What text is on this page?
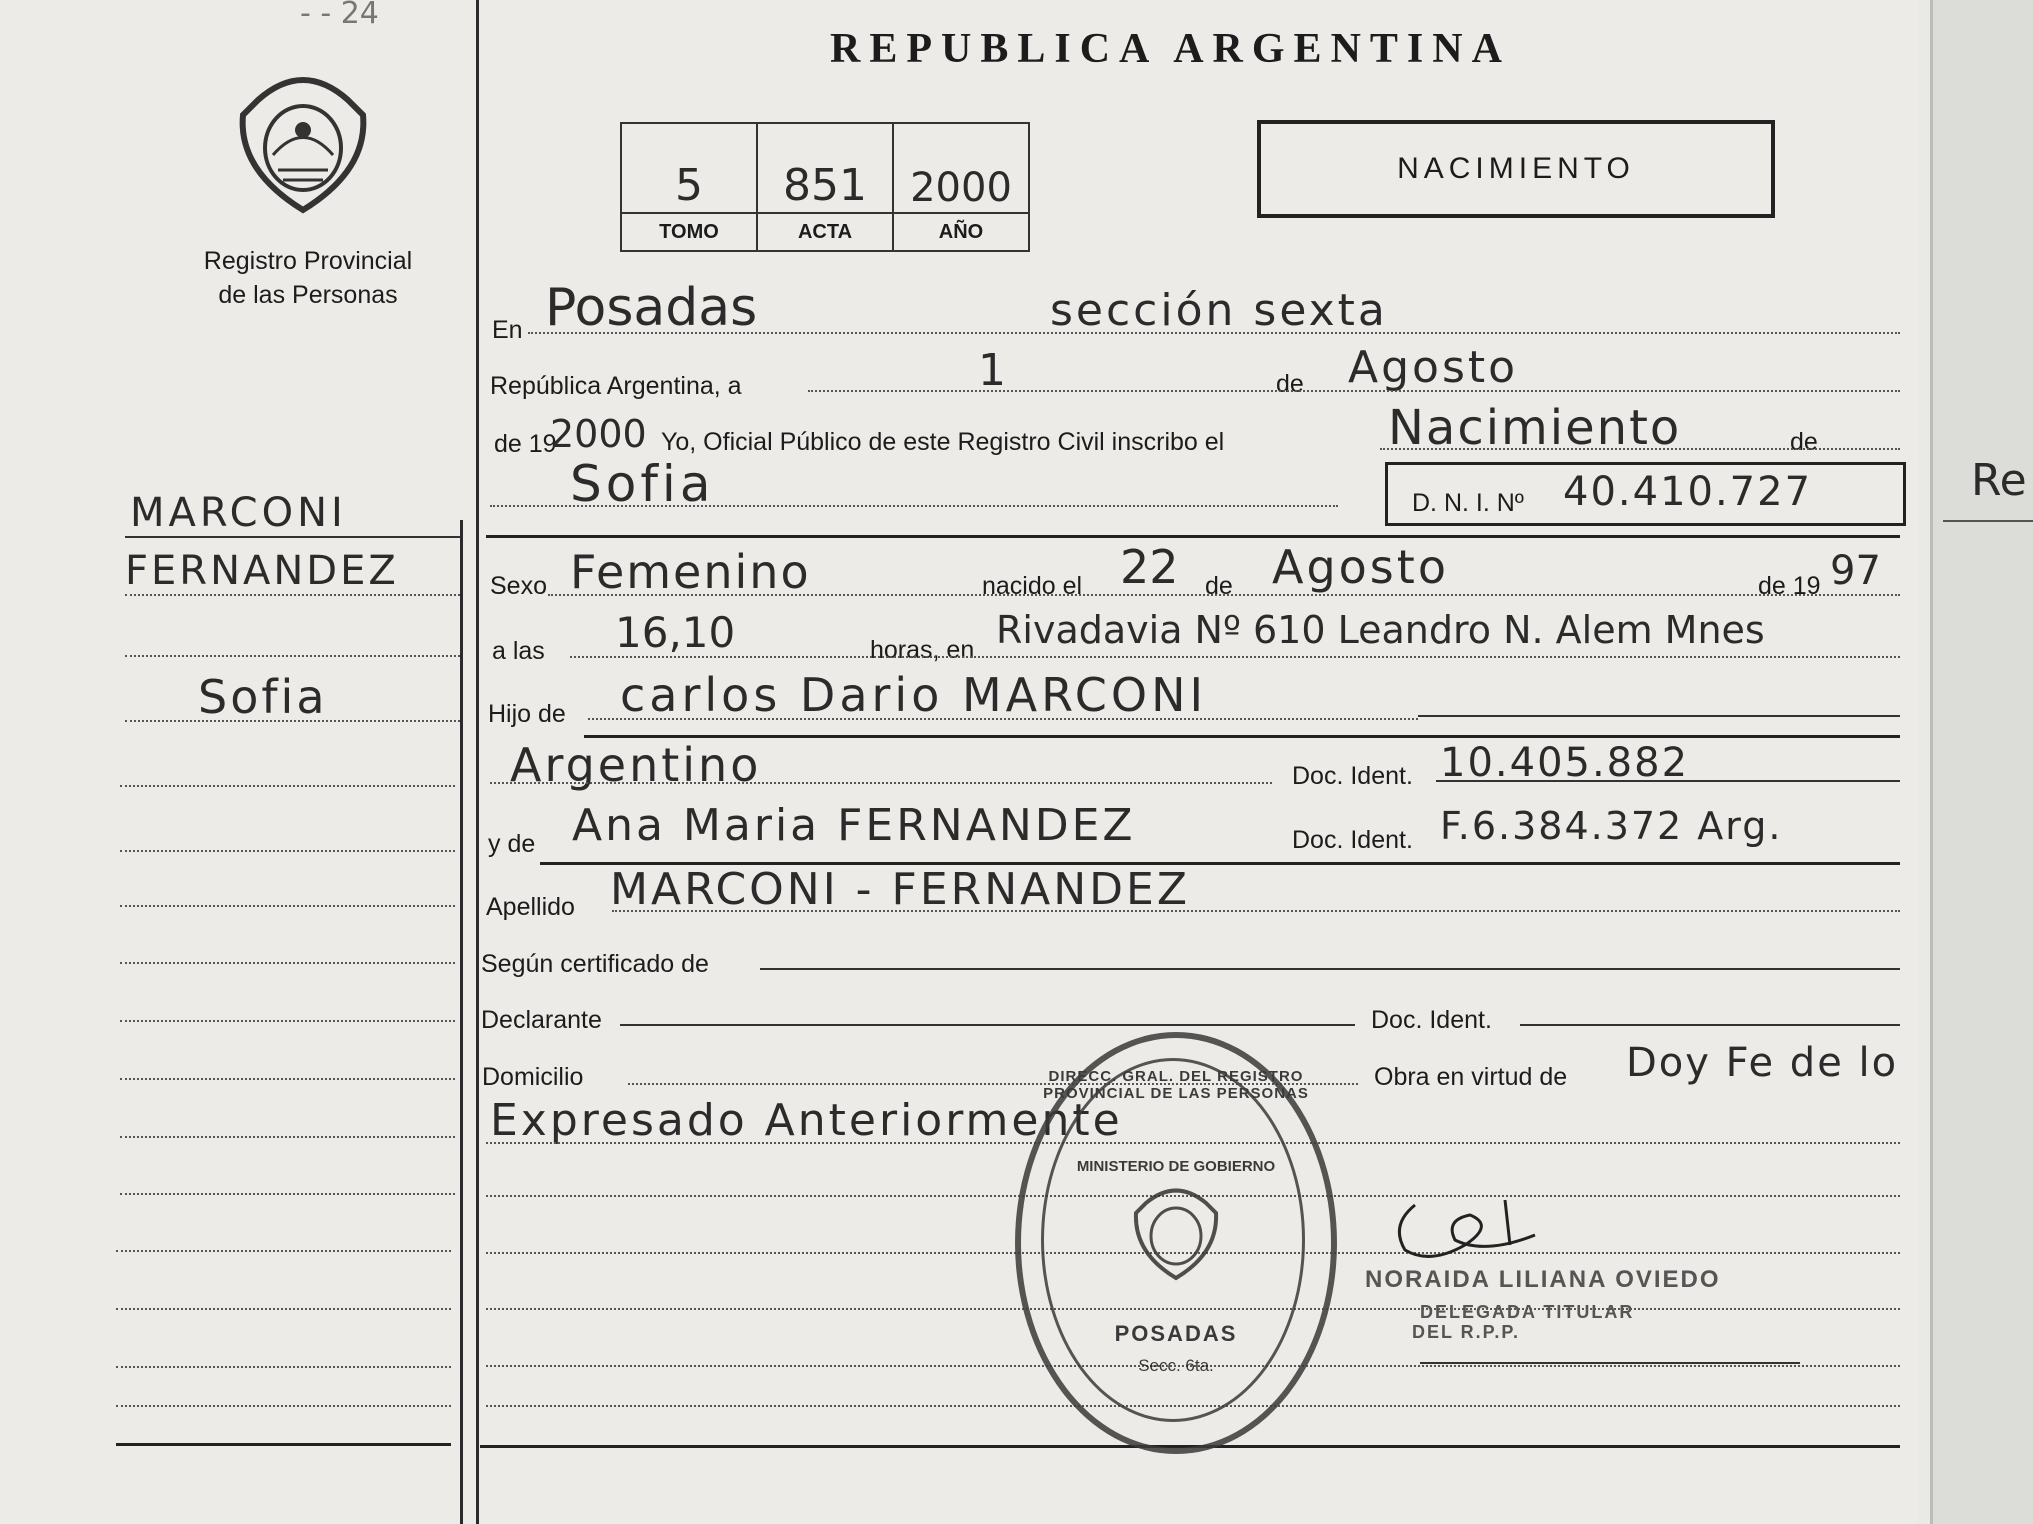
Re
- - 24
Registro Provincial
de las Personas
REPUBLICA ARGENTINA
5	851	2000
TOMO	ACTA	AÑO
NACIMIENTO
MARCONI
FERNANDEZ
Sofia
En Posadas	sección sexta
República Argentina, a	1	de Agosto
de 19
2000 Yo, Oficial Público de este Registro Civil inscribo el	Nacimiento	de
Sofia	D. N. I. Nº 40.410.727
Sexo Femenino	nacido el 22 de Agosto	de 19 97
a las 16,10	horas, en Rivadavia Nº 610 Leandro N. Alem Mnes
Hijo de carlos Dario MARCONI
Argentino	Doc. Ident. 10.405.882
y de Ana Maria FERNANDEZ	Doc. Ident. F.6.384.372 Arg.
Apellido MARCONI - FERNANDEZ
Según certificado de
Declarante	Doc. Ident.
Domicilio	Obra en virtud de Doy Fe de lo
Expresado Anteriormente
DIRECC. GRAL. DEL REGISTRO PROVINCIAL DE LAS PERSONAS
MINISTERIO DE GOBIERNO
POSADAS
Secc. 6ta.
NORAIDA LILIANA OVIEDO
DELEGADA TITULAR
DEL R.P.P.
